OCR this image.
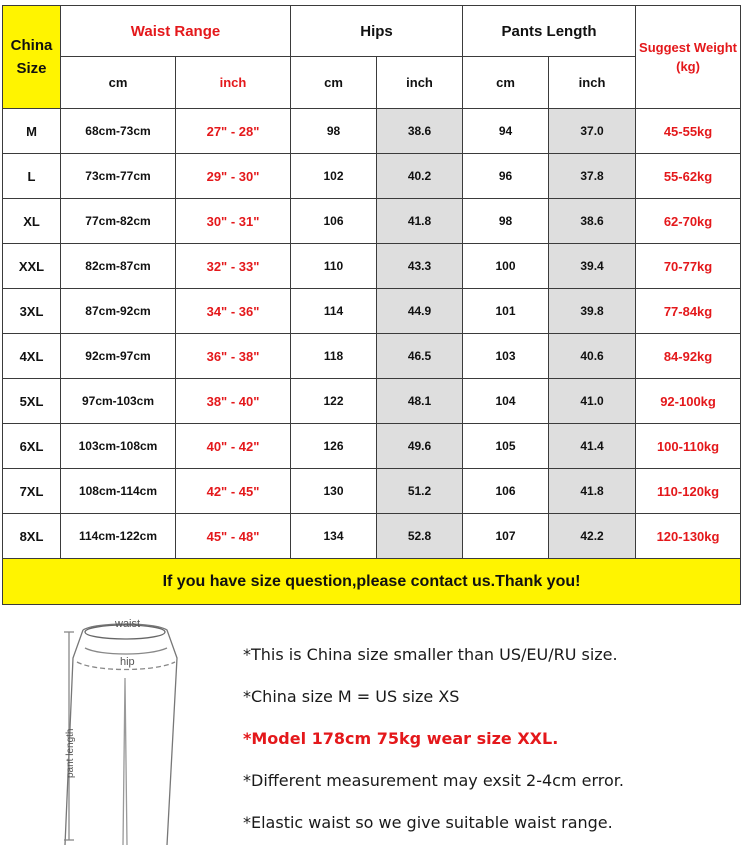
China Size	Waist Range		Hips		Pants Length		Suggest Weight (kg)
	cm	inch	cm	inch	cm	inch	
M	68cm-73cm	27" - 28"	98	38.6	94	37.0	45-55kg
L	73cm-77cm	29" - 30"	102	40.2	96	37.8	55-62kg
XL	77cm-82cm	30" - 31"	106	41.8	98	38.6	62-70kg
XXL	82cm-87cm	32" - 33"	110	43.3	100	39.4	70-77kg
3XL	87cm-92cm	34" - 36"	114	44.9	101	39.8	77-84kg
4XL	92cm-97cm	36" - 38"	118	46.5	103	40.6	84-92kg
5XL	97cm-103cm	38" - 40"	122	48.1	104	41.0	92-100kg
6XL	103cm-108cm	40" - 42"	126	49.6	105	41.4	100-110kg
7XL	108cm-114cm	42" - 45"	130	51.2	106	41.8	110-120kg
8XL	114cm-122cm	45" - 48"	134	52.8	107	42.2	120-130kg
If you have size question,please contact us.Thank you!							
waist
hip
pant length
*This is China size smaller than US/EU/RU size.
*China size M = US size XS
*Model 178cm 75kg wear size XXL.
*Different measurement may exsit 2-4cm error.
*Elastic waist so we give suitable waist range.
